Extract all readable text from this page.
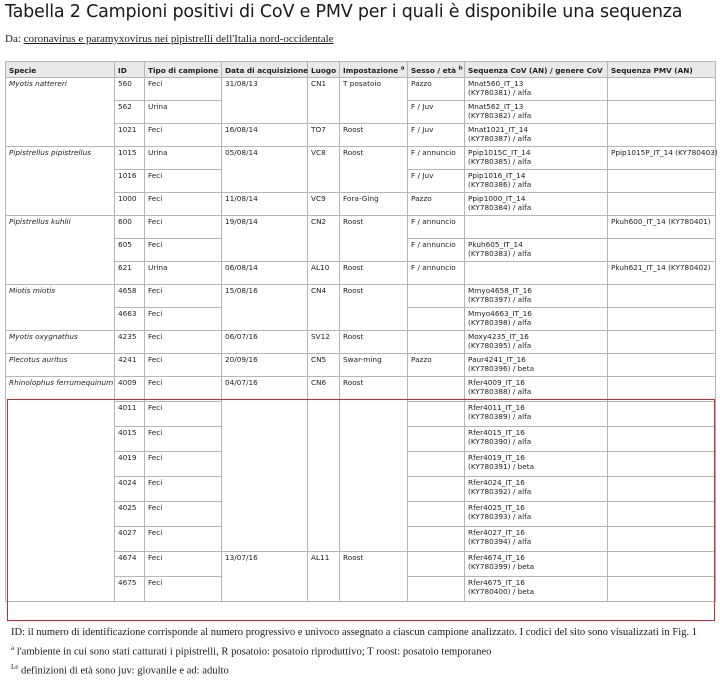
Tabella 2 Campioni positivi di CoV e PMV per i quali è disponibile una sequenza
Da: coronavirus e paramyxovirus nei pipistrelli dell'Italia nord-occidentale
Specie	ID	Tipo di campione	Data di acquisizione	Luogo	Impostazione $^a$	Sesso / età $^b$	Sequenza CoV (AN) / genere CoV	Sequenza PMV (AN)
Myotis nattereri	560	Feci	31/08/13	CN1	T posatoio	Pazzo	Mnat560_IT_13
(KY780381) / alfa	

	562	Urina				F / Juv	Mnat562_IT_13
(KY780382) / alfa	

	1021	Feci	16/08/14	TO7	Roost	F / Juv	Mnat1021_IT_14
(KY780387) / alfa	

Pipistrellus pipistrellus	1015	Urina	05/08/14	VC8	Roost	F / annuncio	Ppip1015C_IT_14
(KY780385) / alfa	Ppip1015P_IT_14 (KY780403)
	1016	Feci				F / Juv	Ppip1016_IT_14
(KY780386) / alfa	

	1000	Feci	11/08/14	VC9	Fora-Ging	Pazzo	Ppip1000_IT_14
(KY780384) / alfa	

Pipistrellus kuhlii	600	Feci	19/08/14	CN2	Roost	F / annuncio		Pkuh600_IT_14 (KY780401)
	605	Feci				F / annuncio	Pkuh605_IT_14
(KY780383) / alfa	

	621	Urina	06/08/14	AL10	Roost	F / annuncio		Pkuh621_IT_14 (KY780402)
Miotis miotis	4658	Feci	15/08/16	CN4	Roost		Mmyo4658_IT_16
(KY780397) / alfa	

	4663	Feci					Mmyo4663_IT_16
(KY780398) / alfa	

Myotis oxygnathus	4235	Feci	06/07/16	SV12	Roost		Moxy4235_IT_16
(KY780395) / alfa	

Plecotus auritus	4241	Feci	20/09/16	CN5	Swar-ming	Pazzo	Paur4241_IT_16
(KY780396) / beta	

Rhinolophus ferrumequinum	4009	Feci	04/07/16	CN6	Roost		Rfer4009_IT_16
(KY780388) / alfa	

	4011	Feci					Rfer4011_IT_16
(KY780389) / alfa	

	4015	Feci					Rfer4015_IT_16
(KY780390) / alfa	

	4019	Feci					Rfer4019_IT_16
(KY780391) / beta	

	4024	Feci					Rfer4024_IT_16
(KY780392) / alfa	

	4025	Feci					Rfer4025_IT_16
(KY780393) / alfa	

	4027	Feci					Rfer4027_IT_16
(KY780394) / alfa	

	4674	Feci	13/07/16	AL11	Roost		Rfer4674_IT_16
(KY780399) / beta	

	4675	Feci					Rfer4675_IT_16
(KY780400) / beta	

ID: il numero di identificazione corrisponde al numero progressivo e univoco assegnato a ciascun campione analizzato. I codici del sito sono visualizzati in Fig. 1

$^a$ l'ambiente in cui sono stati catturati i pipistrelli, R posatoio: posatoio riproduttivo; T roost: posatoio temporaneo

$^{Le}$ definizioni di età sono juv: giovanile e ad: adulto
